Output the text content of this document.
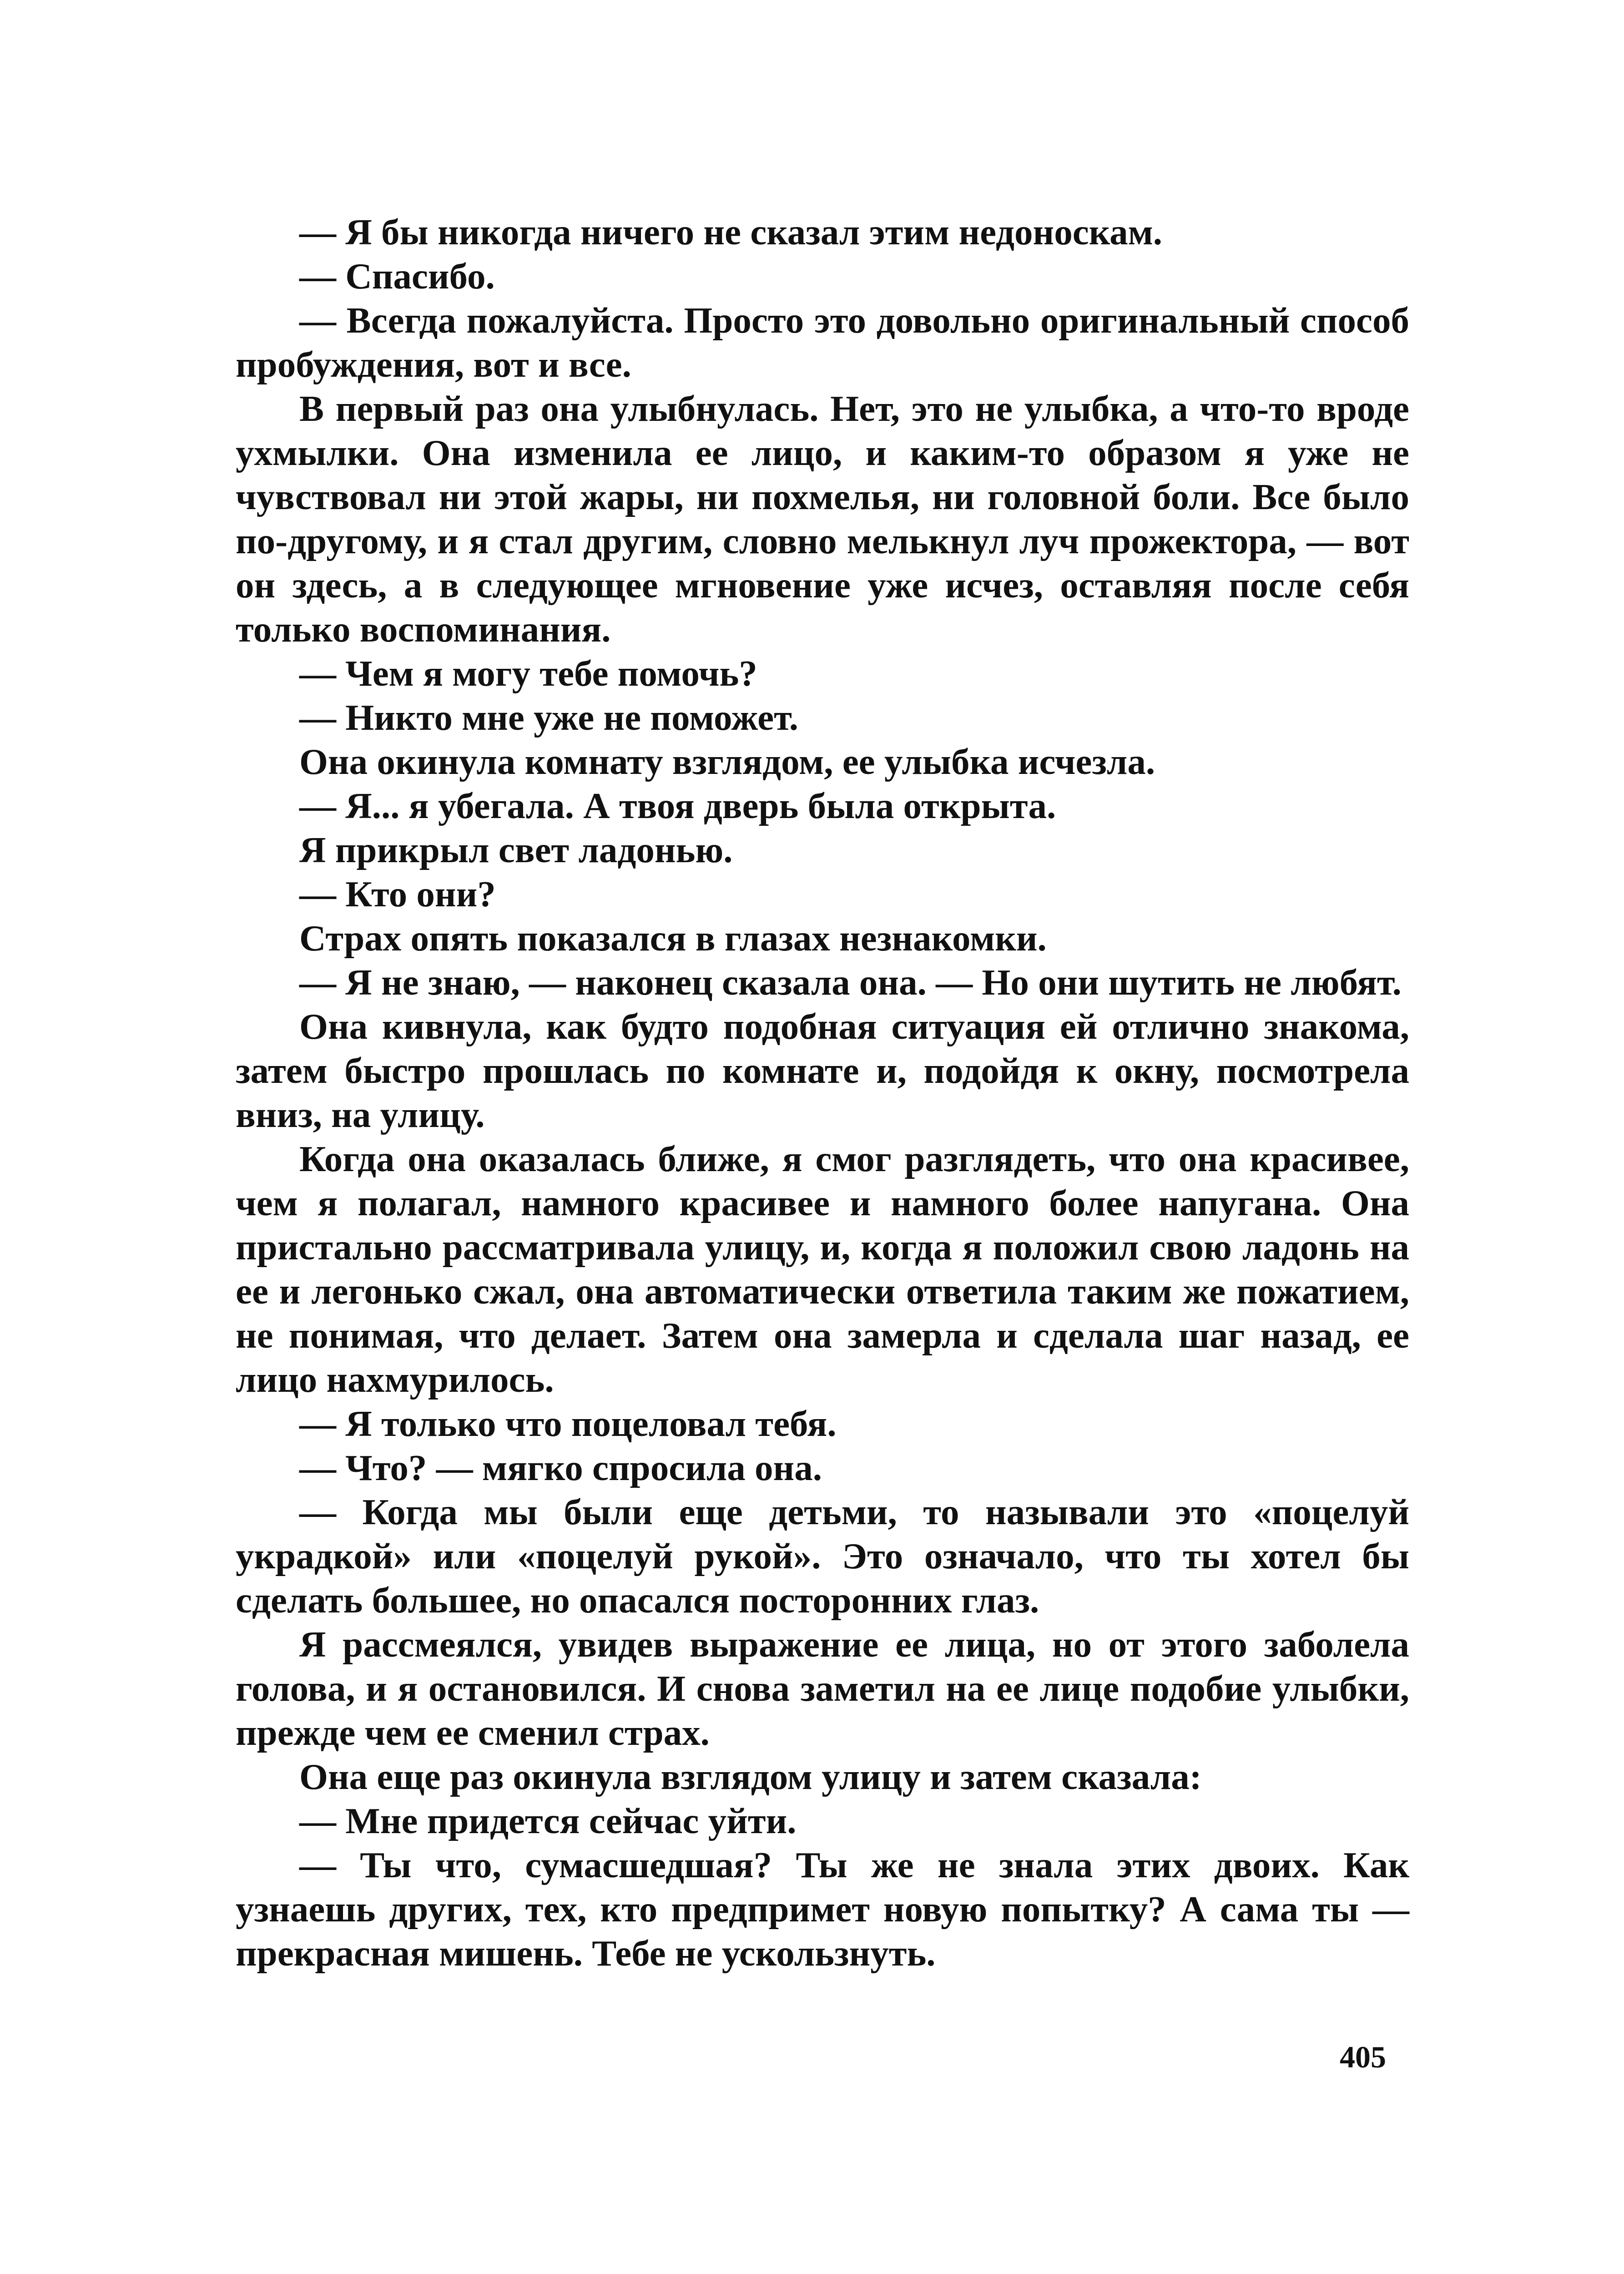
— Я бы никогда ничего не сказал этим недоноскам.

— Спасибо.

— Всегда пожалуйста. Просто это довольно оригинальный способ пробуждения, вот и все.

В первый раз она улыбнулась. Нет, это не улыбка, а что-то вроде ухмылки. Она изменила ее лицо, и каким-то образом я уже не чувствовал ни этой жары, ни похмелья, ни головной боли. Все было по-другому, и я стал другим, словно мелькнул луч прожектора, — вот он здесь, а в следующее мгновение уже исчез, оставляя после себя только воспоминания.

— Чем я могу тебе помочь?

— Никто мне уже не поможет.

Она окинула комнату взглядом, ее улыбка исчезла.

— Я... я убегала. А твоя дверь была открыта.

Я прикрыл свет ладонью.

— Кто они?

Страх опять показался в глазах незнакомки.

— Я не знаю, — наконец сказала она. — Но они шутить не любят.

Она кивнула, как будто подобная ситуация ей отлично знакома, затем быстро прошлась по комнате и, подойдя к окну, посмотрела вниз, на улицу.

Когда она оказалась ближе, я смог разглядеть, что она красивее, чем я полагал, намного красивее и намного более напугана. Она пристально рассматривала улицу, и, когда я положил свою ладонь на ее и легонько сжал, она автоматически ответила таким же пожатием, не понимая, что делает. Затем она замерла и сделала шаг назад, ее лицо нахмурилось.

— Я только что поцеловал тебя.

— Что? — мягко спросила она.

— Когда мы были еще детьми, то называли это «поцелуй украдкой» или «поцелуй рукой». Это означало, что ты хотел бы сделать большее, но опасался посторонних глаз.

Я рассмеялся, увидев выражение ее лица, но от этого заболела голова, и я остановился. И снова заметил на ее лице подобие улыбки, прежде чем ее сменил страх.

Она еще раз окинула взглядом улицу и затем сказала:

— Мне придется сейчас уйти.

— Ты что, сумасшедшая? Ты же не знала этих двоих. Как узнаешь других, тех, кто предпримет новую попытку? А сама ты — прекрасная мишень. Тебе не ускользнуть.

405
